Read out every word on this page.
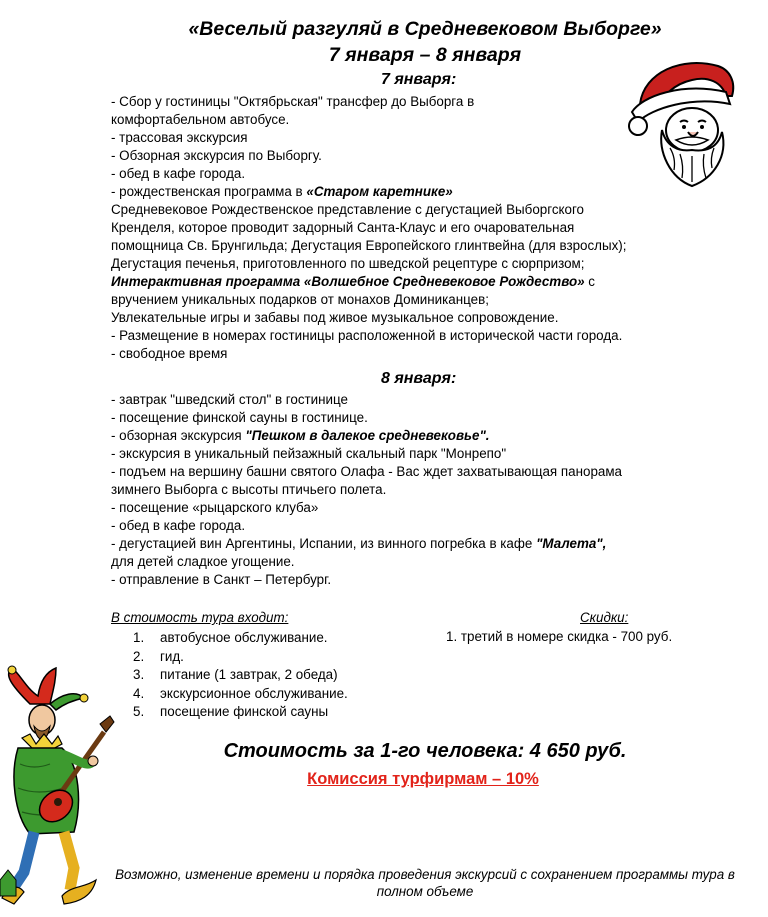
«Веселый разгуляй в Средневековом Выборге»
7 января – 8 января
7 января:
- Сбор у гостиницы "Октябрьская" трансфер до Выборга в
комфортабельном автобусе.
- трассовая экскурсия
- Обзорная экскурсия по Выборгу.
- обед в кафе города.
- рождественская программа в «Старом каретнике»
Средневековое Рождественское представление с дегустацией Выборгского
Кренделя, которое проводит задорный Санта-Клаус и его очаровательная
помощница Св. Брунгильда; Дегустация Европейского глинтвейна (для взрослых);
Дегустация печенья, приготовленного по шведской рецептуре с сюрпризом;
Интерактивная программа «Волшебное Средневековое Рождество» с
вручением уникальных подарков от монахов Доминиканцев;
Увлекательные игры и забавы под живое музыкальное сопровождение.
- Размещение в номерах гостиницы расположенной в исторической части города.
- свободное время
8 января:
- завтрак "шведский стол" в гостинице
- посещение финской сауны в гостинице.
- обзорная экскурсия "Пешком в далекое средневековье".
- экскурсия в уникальный пейзажный скальный парк "Монрепо"
- подъем на вершину башни святого Олафа - Вас ждет захватывающая панорама
зимнего Выборга с высоты птичьего полета.
- посещение «рыцарского клуба»
- обед в кафе города.
- дегустацией вин Аргентины, Испании, из винного погребка в кафе "Малета",
для детей сладкое угощение.
- отправление в Санкт – Петербург.
В стоимость тура входит:	Скидки:
1. автобусное обслуживание.
2. гид.
3. питание (1 завтрак, 2 обеда)
4. экскурсионное обслуживание.
5. посещение финской сауны
1. третий в номере скидка - 700 руб.
Стоимость за 1-го человека: 4 650 руб.
Комиссия турфирмам – 10%
Возможно, изменение времени и порядка проведения экскурсий с сохранением программы тура в полном объеме
